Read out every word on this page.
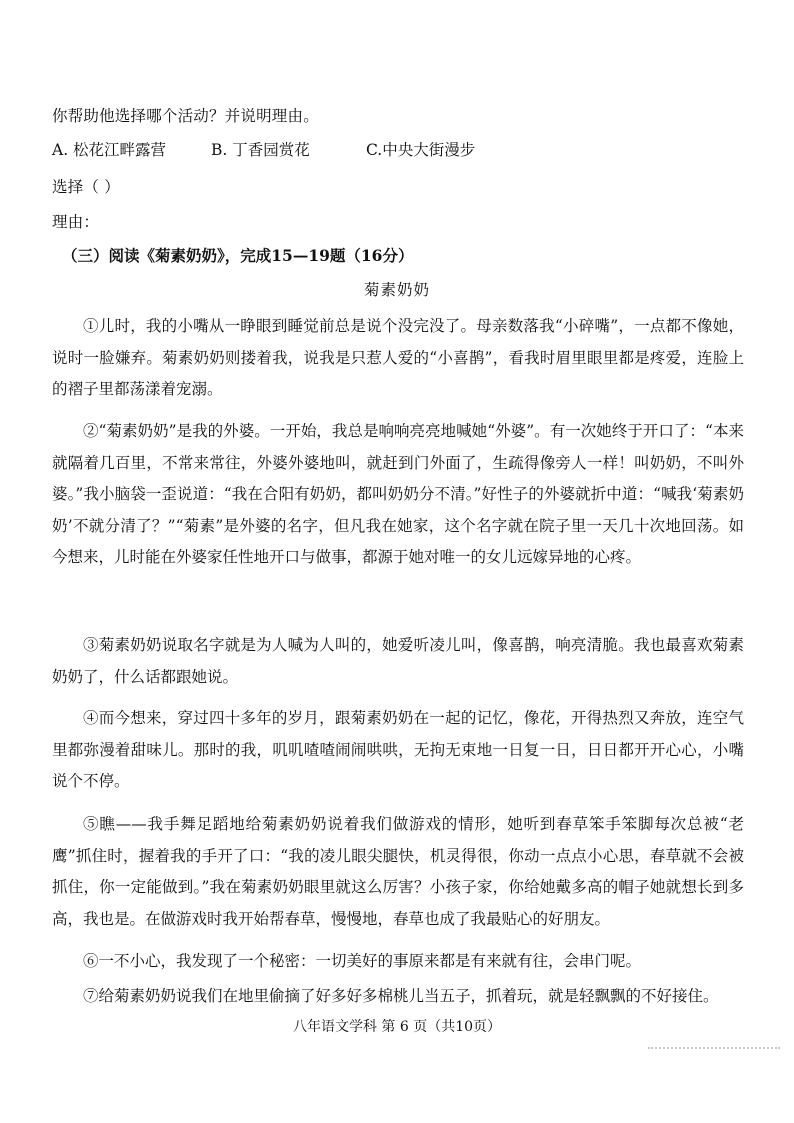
你帮助他选择哪个活动？并说明理由。
A. 松花江畔露营	B. 丁香园赏花	C.中央大街漫步
选择（ ）
理由：
（三）阅读《菊素奶奶》，完成15—19题（16分）
菊素奶奶
①儿时，我的小嘴从一睁眼到睡觉前总是说个没完没了。母亲数落我“小碎嘴”，一点都不像她，说时一脸嫌弃。菊素奶奶则搂着我，说我是只惹人爱的“小喜鹊”，看我时眉里眼里都是疼爱，连脸上的褶子里都荡漾着宠溺。
②“菊素奶奶”是我的外婆。一开始，我总是响响亮亮地喊她“外婆”。有一次她终于开口了：“本来就隔着几百里，不常来常往，外婆外婆地叫，就赶到门外面了，生疏得像旁人一样！叫奶奶，不叫外婆。”我小脑袋一歪说道：“我在合阳有奶奶，都叫奶奶分不清。”好性子的外婆就折中道：“喊我‘菊素奶奶’不就分清了？”“菊素”是外婆的名字，但凡我在她家，这个名字就在院子里一天几十次地回荡。如今想来，儿时能在外婆家任性地开口与做事，都源于她对唯一的女儿远嫁异地的心疼。
③菊素奶奶说取名字就是为人喊为人叫的，她爱听凌儿叫，像喜鹊，响亮清脆。我也最喜欢菊素奶奶了，什么话都跟她说。
④而今想来，穿过四十多年的岁月，跟菊素奶奶在一起的记忆，像花，开得热烈又奔放，连空气里都弥漫着甜味儿。那时的我，叽叽喳喳闹闹哄哄，无拘无束地一日复一日，日日都开开心心，小嘴说个不停。
⑤瞧——我手舞足蹈地给菊素奶奶说着我们做游戏的情形，她听到春草笨手笨脚每次总被“老鹰”抓住时，握着我的手开了口：“我的凌儿眼尖腿快，机灵得很，你动一点点小心思，春草就不会被抓住，你一定能做到。”我在菊素奶奶眼里就这么厉害？小孩子家，你给她戴多高的帽子她就想长到多高，我也是。在做游戏时我开始帮春草，慢慢地，春草也成了我最贴心的好朋友。
⑥一不小心，我发现了一个秘密：一切美好的事原来都是有来就有往，会串门呢。
⑦给菊素奶奶说我们在地里偷摘了好多好多棉桃儿当五子，抓着玩，就是轻飘飘的不好接住。
八年语文学科 第 6 页（共10页）
